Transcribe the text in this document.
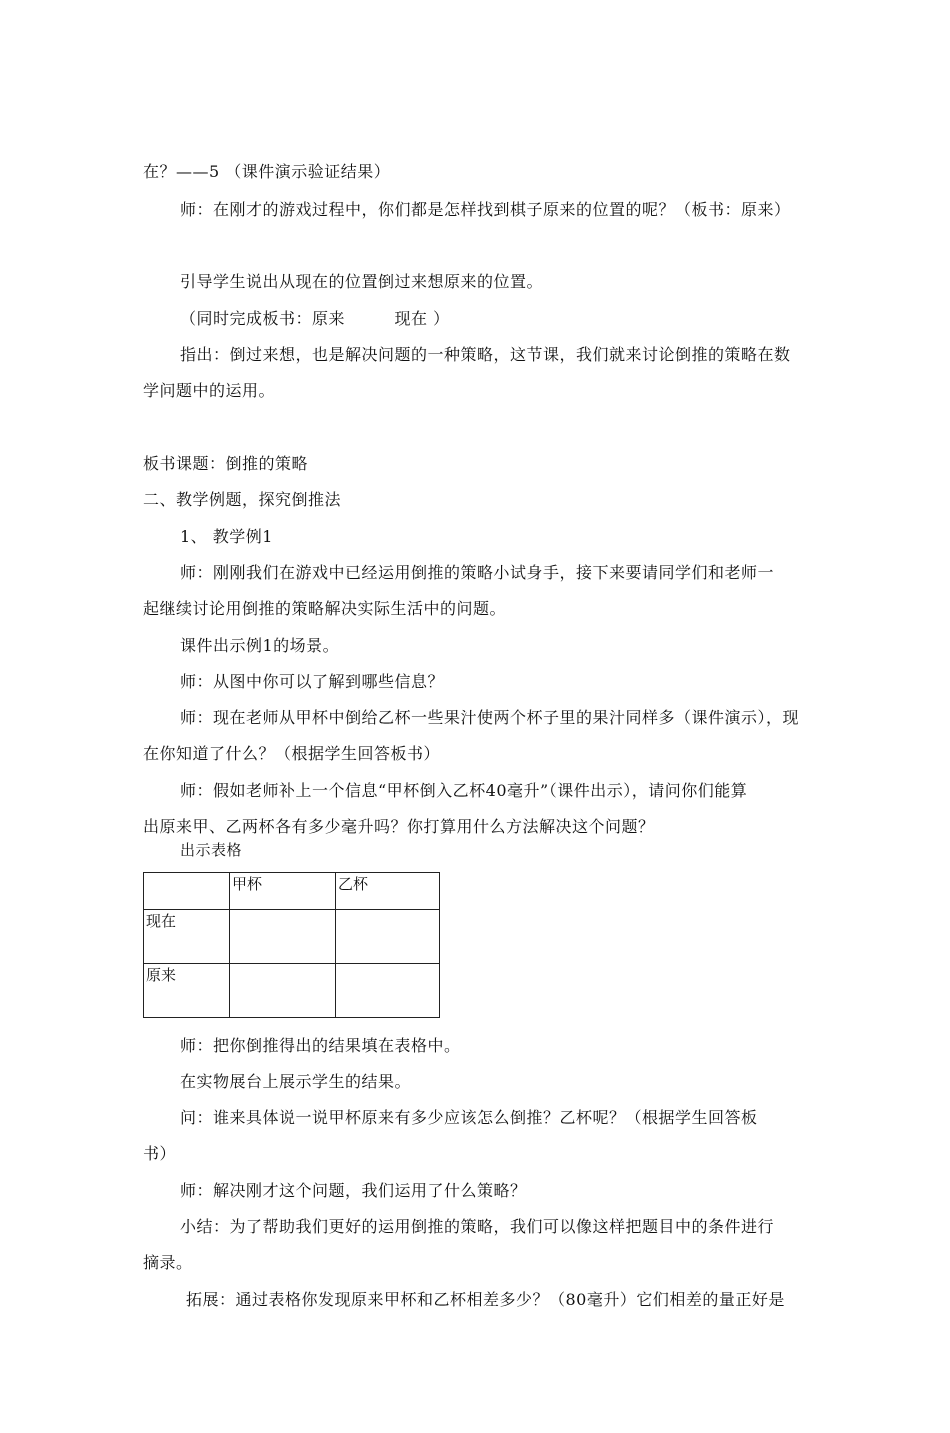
在？——5 （课件演示验证结果）
师：在刚才的游戏过程中，你们都是怎样找到棋子原来的位置的呢？（板书：原来）
引导学生说出从现在的位置倒过来想原来的位置。
（同时完成板书：原来　　　现在 ）
指出：倒过来想，也是解决问题的一种策略，这节课，我们就来讨论倒推的策略在数
学问题中的运用。
板书课题：倒推的策略
二、教学例题，探究倒推法
1、 教学例1
师：刚刚我们在游戏中已经运用倒推的策略小试身手，接下来要请同学们和老师一
起继续讨论用倒推的策略解决实际生活中的问题。
课件出示例1的场景。
师：从图中你可以了解到哪些信息？
师：现在老师从甲杯中倒给乙杯一些果汁使两个杯子里的果汁同样多（课件演示），现
在你知道了什么？（根据学生回答板书）
师：假如老师补上一个信息“甲杯倒入乙杯40毫升”（课件出示），请问你们能算
出原来甲、乙两杯各有多少毫升吗？你打算用什么方法解决这个问题？
出示表格
	甲杯	乙杯
现在		
原来		
师：把你倒推得出的结果填在表格中。
在实物展台上展示学生的结果。
问：谁来具体说一说甲杯原来有多少应该怎么倒推？乙杯呢？（根据学生回答板
书）
师：解决刚才这个问题，我们运用了什么策略？
小结：为了帮助我们更好的运用倒推的策略，我们可以像这样把题目中的条件进行
摘录。
拓展：通过表格你发现原来甲杯和乙杯相差多少？（80毫升）它们相差的量正好是
